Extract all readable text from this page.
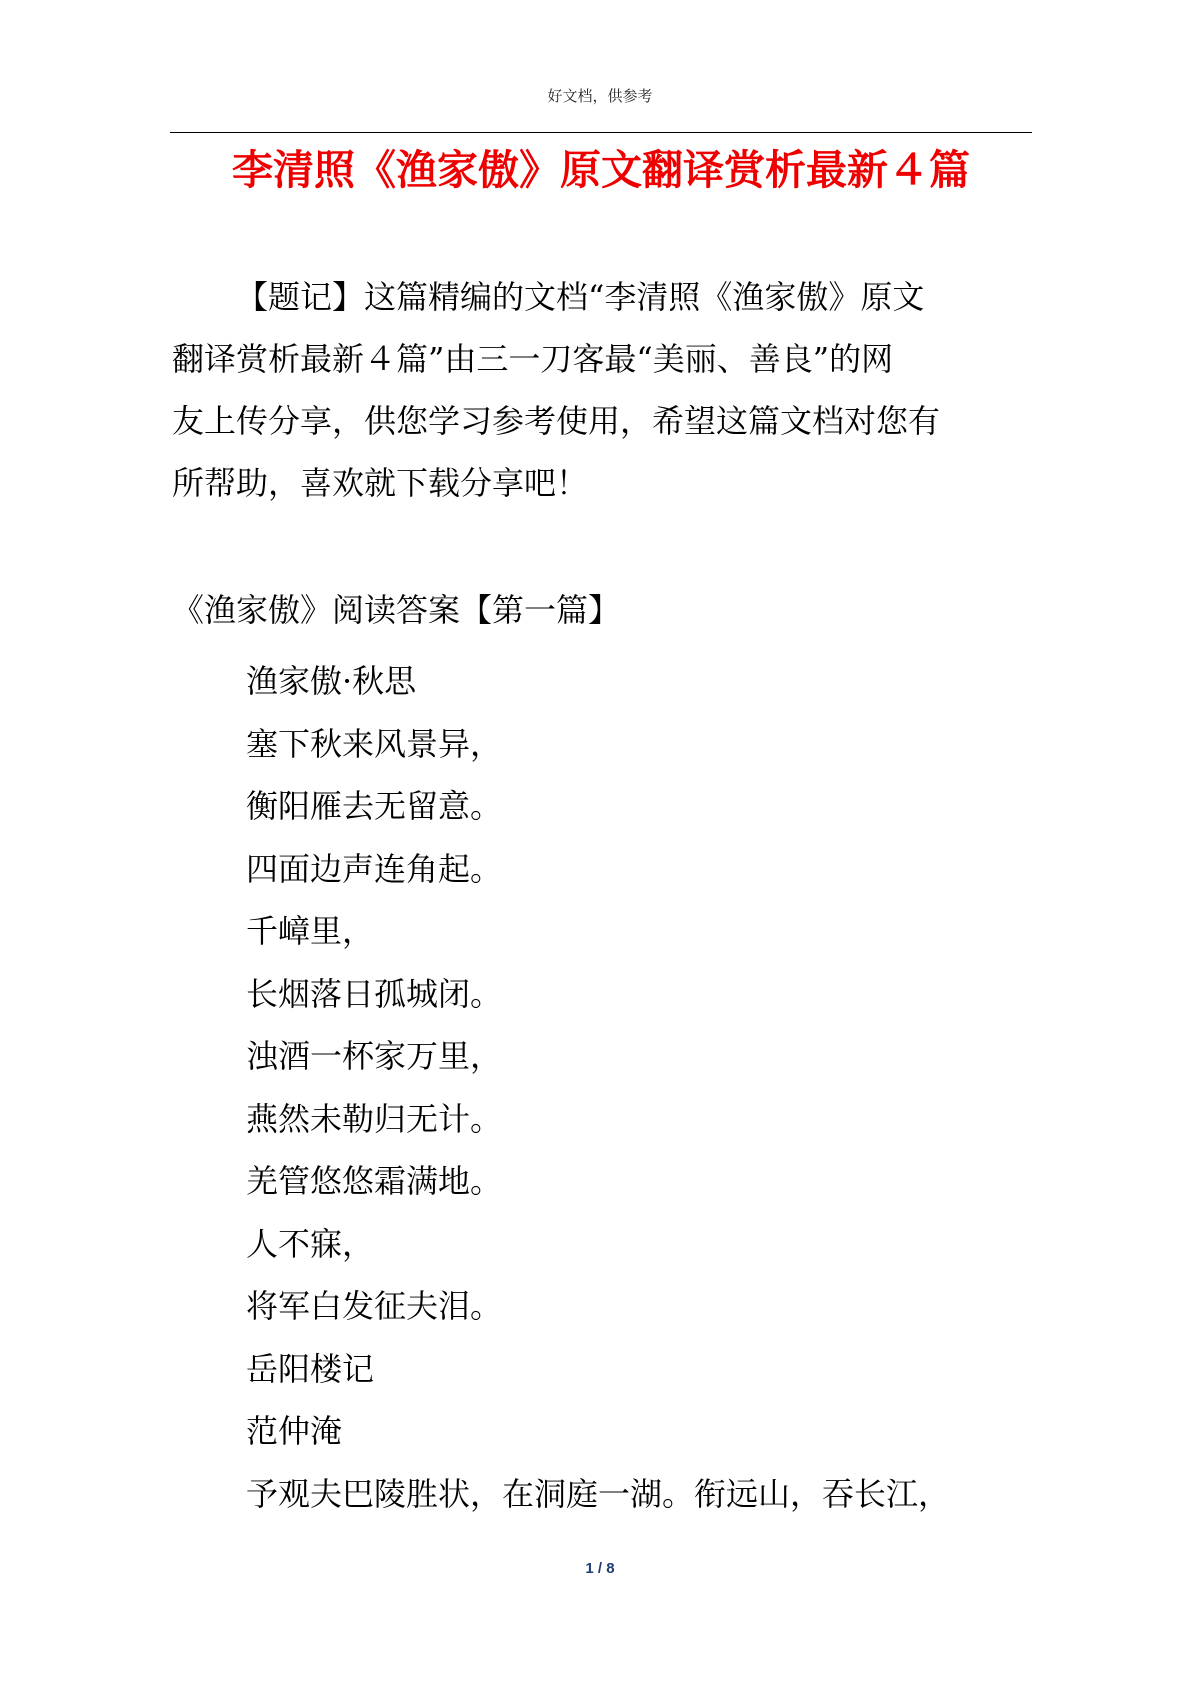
好文档，供参考
李清照《渔家傲》原文翻译赏析最新４篇
【题记】这篇精编的文档“李清照《渔家傲》原文
翻译赏析最新４篇”由三一刀客最“美丽、善良”的网
友上传分享，供您学习参考使用，希望这篇文档对您有
所帮助，喜欢就下载分享吧！
《渔家傲》阅读答案【第一篇】
渔家傲·秋思
塞下秋来风景异，
衡阳雁去无留意。
四面边声连角起。
千嶂里，
长烟落日孤城闭。
浊酒一杯家万里，
燕然未勒归无计。
羌管悠悠霜满地。
人不寐，
将军白发征夫泪。
岳阳楼记
范仲淹
予观夫巴陵胜状，在洞庭一湖。衔远山，吞长江，
1 / 8
